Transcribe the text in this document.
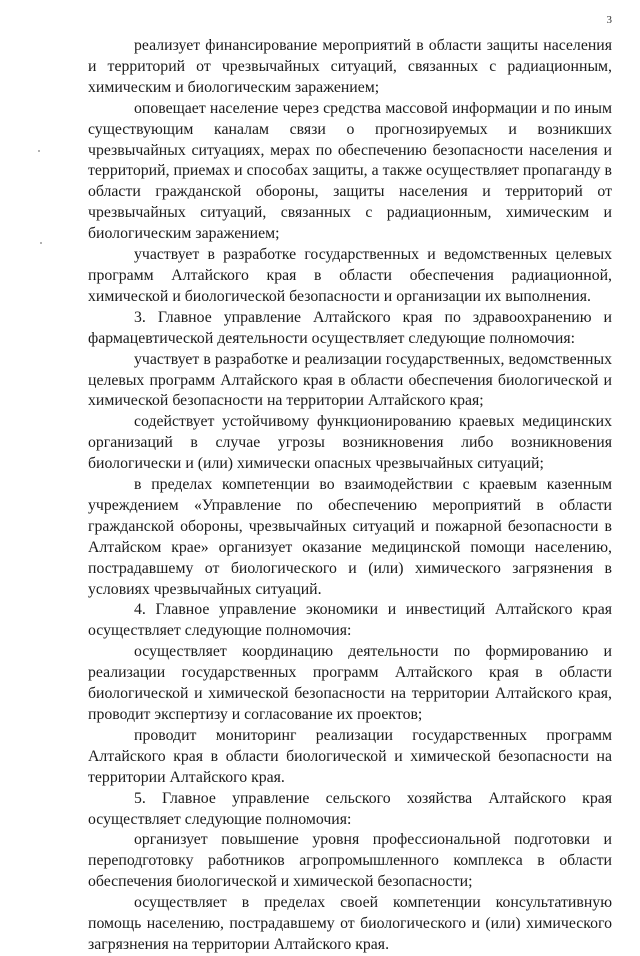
3

реализует финансирование мероприятий в области защиты населения и территорий от чрезвычайных ситуаций, связанных с радиационным, химическим и биологическим заражением;

оповещает население через средства массовой информации и по иным существующим каналам связи о прогнозируемых и возникших чрезвычайных ситуациях, мерах по обеспечению безопасности населения и территорий, приемах и способах защиты, а также осуществляет пропаганду в области гражданской обороны, защиты населения и территорий от чрезвычайных ситуаций, связанных с радиационным, химическим и биологическим заражением;

участвует в разработке государственных и ведомственных целевых программ Алтайского края в области обеспечения радиационной, химической и биологической безопасности и организации их выполнения.

3. Главное управление Алтайского края по здравоохранению и фармацевтической деятельности осуществляет следующие полномочия:

участвует в разработке и реализации государственных, ведомственных целевых программ Алтайского края в области обеспечения биологической и химической безопасности на территории Алтайского края;

содействует устойчивому функционированию краевых медицинских организаций в случае угрозы возникновения либо возникновения биологически и (или) химически опасных чрезвычайных ситуаций;

в пределах компетенции во взаимодействии с краевым казенным учреждением «Управление по обеспечению мероприятий в области гражданской обороны, чрезвычайных ситуаций и пожарной безопасности в Алтайском крае» организует оказание медицинской помощи населению, пострадавшему от биологического и (или) химического загрязнения в условиях чрезвычайных ситуаций.

4. Главное управление экономики и инвестиций Алтайского края осуществляет следующие полномочия:

осуществляет координацию деятельности по формированию и реализации государственных программ Алтайского края в области биологической и химической безопасности на территории Алтайского края, проводит экспертизу и согласование их проектов;

проводит мониторинг реализации государственных программ Алтайского края в области биологической и химической безопасности на территории Алтайского края.

5. Главное управление сельского хозяйства Алтайского края осуществляет следующие полномочия:

организует повышение уровня профессиональной подготовки и переподготовку работников агропромышленного комплекса в области обеспечения биологической и химической безопасности;

осуществляет в пределах своей компетенции консультативную помощь населению, пострадавшему от биологического и (или) химического загрязнения на территории Алтайского края.
